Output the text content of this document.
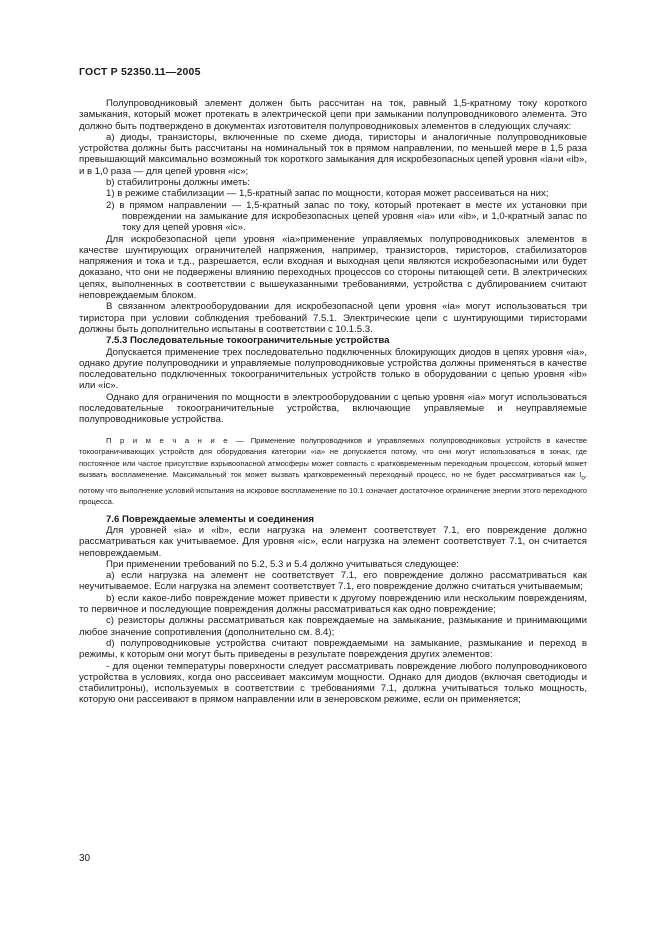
ГОСТ Р 52350.11—2005

Полупроводниковый элемент должен быть рассчитан на ток, равный 1,5-кратному току короткого замыкания, который может протекать в электрической цепи при замыкании полупроводникового элемента. Это должно быть подтверждено в документах изготовителя полупроводниковых элементов в следующих случаях:

a) диоды, транзисторы, включенные по схеме диода, тиристоры и аналогичные полупроводниковые устройства должны быть рассчитаны на номинальный ток в прямом направлении, по меньшей мере в 1,5 раза превышающий максимально возможный ток короткого замыкания для искробезопасных цепей уровня «ia»и «ib», и в 1,0 раза — для цепей уровня «ic»;

b) стабилитроны должны иметь:

1) в режиме стабилизации — 1,5-кратный запас по мощности, которая может рассеиваться на них;

2) в прямом направлении — 1,5-кратный запас по току, который протекает в месте их установки при повреждении на замыкание для искробезопасных цепей уровня «ia» или «ib», и 1,0-кратный запас по току для цепей уровня «ic».

Для искробезопасной цепи уровня «ia»применение управляемых полупроводниковых элементов в качестве шунтирующих ограничителей напряжения, например, транзисторов, тиристоров, стабилизаторов напряжения и тока и т.д., разрешается, если входная и выходная цепи являются искробезопасными или будет доказано, что они не подвержены влиянию переходных процессов со стороны питающей сети. В электрических цепях, выполненных в соответствии с вышеуказанными требованиями, устройства с дублированием считают неповреждаемым блоком.

В связанном электрооборудовании для искробезопасной цепи уровня «ia» могут использоваться три тиристора при условии соблюдения требований 7.5.1. Электрические цепи с шунтирующими тиристорами должны быть дополнительно испытаны в соответствии с 10.1.5.3.

7.5.3 Последовательные токоограничительные устройства

Допускается применение трех последовательно подключенных блокирующих диодов в цепях уровня «ia», однако другие полупроводники и управляемые полупроводниковые устройства должны применяться в качестве последовательно подключенных токоограничительных устройств только в оборудовании с цепью уровня «ib» или «ic».

Однако для ограничения по мощности в электрооборудовании с цепью уровня «ia» могут использоваться последовательные токоограничительные устройства, включающие управляемые и неуправляемые полупроводниковые устройства.

П р и м е ч а н и е — Применение полупроводников и управляемых полупроводниковых устройств в качестве токоограничивающих устройств для оборудования категории «ia» не допускается потому, что они могут использоваться в зонах, где постоянное или частое присутствие взрывоопасной атмосферы может совпасть с кратковременным переходным процессом, который может вызвать воспламенение. Максимальный ток может вызвать кратковременный переходный процесс, но не будет рассматриваться как $I_о$, потому что выполнение условий испытания на искровое воспламенение по 10.1 означает достаточное ограничение энергии этого переходного процесса.

7.6 Повреждаемые элементы и соединения

Для уровней «ia» и «ib», если нагрузка на элемент соответствует 7.1, его повреждение должно рассматриваться как учитываемое. Для уровня «ic», если нагрузка на элемент соответствует 7.1, он считается неповреждаемым.

При применении требований по 5.2, 5.3 и 5.4 должно учитываться следующее:

a) если нагрузка на элемент не соответствует 7.1, его повреждение должно рассматриваться как неучитываемое. Если нагрузка на элемент соответствует 7.1, его повреждение должно считаться учитываемым;

b) если какое-либо повреждение может привести к другому повреждению или нескольким повреждениям, то первичное и последующие повреждения должны рассматриваться как одно повреждение;

c) резисторы должны рассматриваться как повреждаемые на замыкание, размыкание и принимающими любое значение сопротивления (дополнительно см. 8.4);

d) полупроводниковые устройства считают повреждаемыми на замыкание, размыкание и переход в режимы, к которым они могут быть приведены в результате повреждения других элементов:

- для оценки температуры поверхности следует рассматривать повреждение любого полупроводникового устройства в условиях, когда оно рассеивает максимум мощности. Однако для диодов (включая светодиоды и стабилитроны), используемых в соответствии с требованиями 7.1, должна учитываться только мощность, которую они рассеивают в прямом направлении или в зенеровском режиме, если он применяется;

30
